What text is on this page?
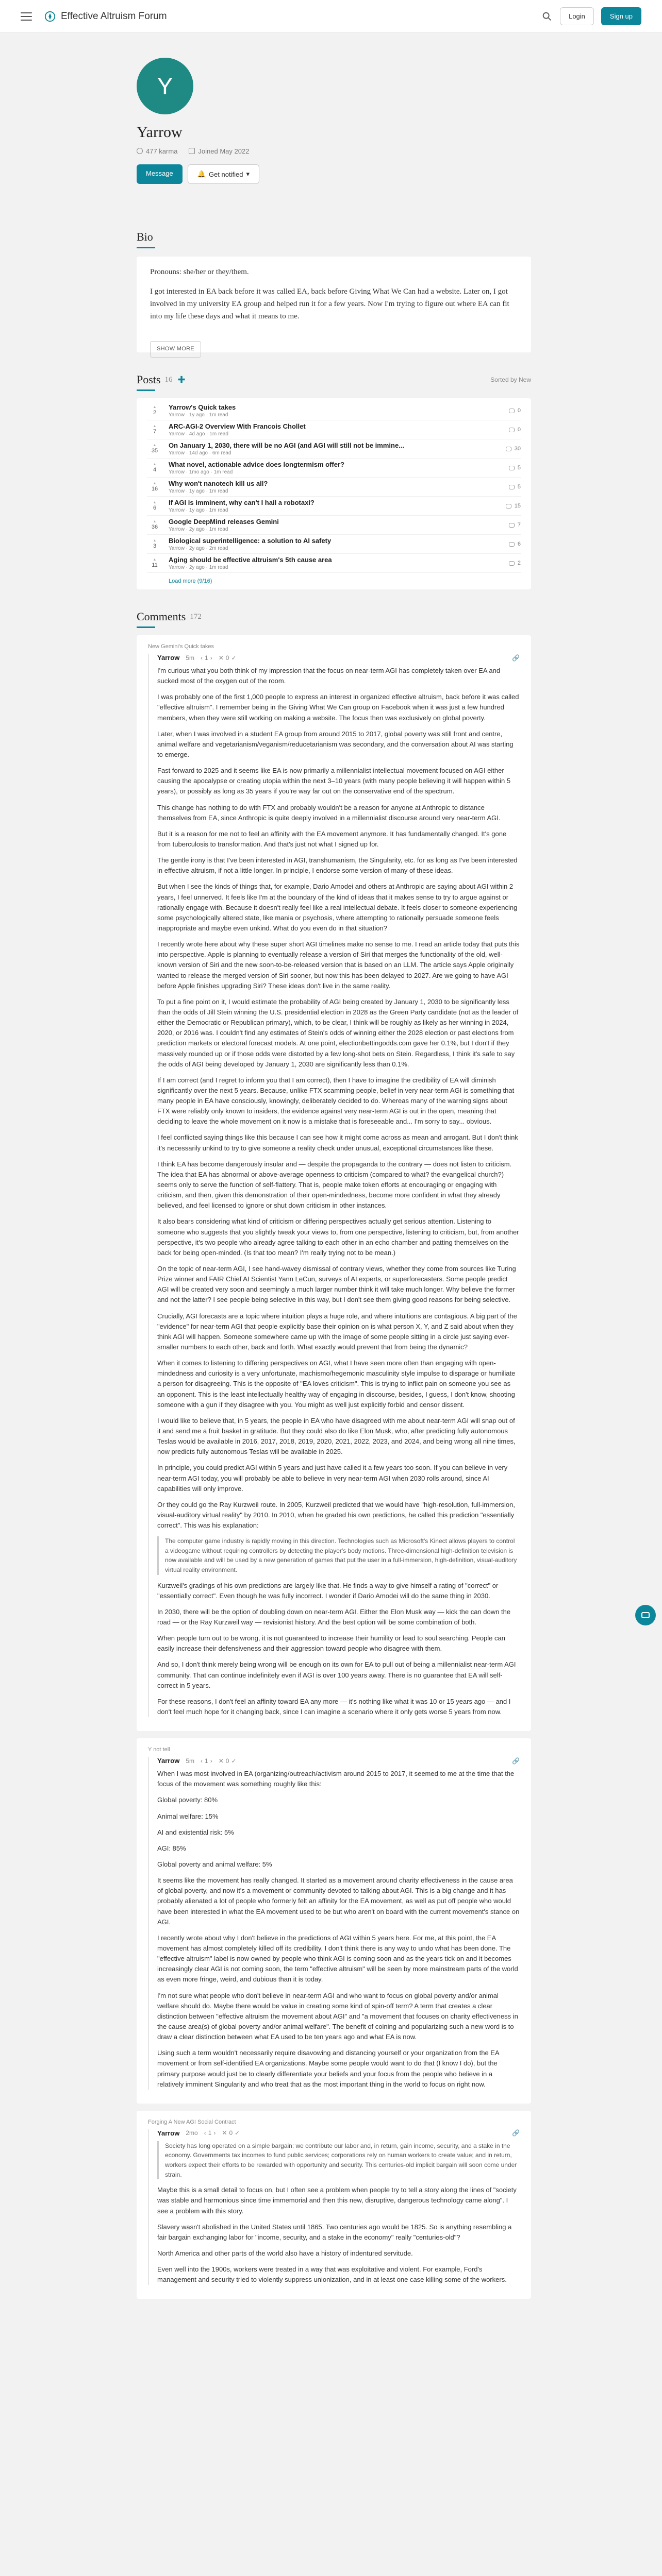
Effective Altruism Forum	Login	Sign up
Y
Yarrow
477 karma	Joined May 2022
Message	🔔 Get notified ▾
Bio

Pronouns: she/her or they/them.

I got interested in EA back before it was called EA, back before Giving What We Can had a website. Later on, I got involved in my university EA group and helped run it for a few years. Now I'm trying to figure out where EA can fit into my life these days and what it means to me.

SHOW MORE
Posts 16 ✚	Sorted by New
▲
2
Yarrow's Quick takes
Yarrow · 1y ago · 1m read
0
▲
7
ARC-AGI-2 Overview With Francois Chollet
Yarrow · 4d ago · 1m read
0
▲
35
On January 1, 2030, there will be no AGI (and AGI will still not be immine...
Yarrow · 14d ago · 6m read
30
▲
4
What novel, actionable advice does longtermism offer?
Yarrow · 1mo ago · 1m read
5
▲
16
Why won't nanotech kill us all?
Yarrow · 1y ago · 1m read
5
▲
6
If AGI is imminent, why can't I hail a robotaxi?
Yarrow · 1y ago · 1m read
15
▲
36
Google DeepMind releases Gemini
Yarrow · 2y ago · 1m read
7
▲
3
Biological superintelligence: a solution to AI safety
Yarrow · 2y ago · 2m read
6
▲
11
Aging should be effective altruism's 5th cause area
Yarrow · 2y ago · 1m read
2
Load more (9/16)
Comments 172
New Gemini's Quick takes
Yarrow 5m ‹ 1 › ✕ 0 ✓	🔗

I'm curious what you both think of my impression that the focus on near-term AGI has completely taken over EA and sucked most of the oxygen out of the room.

I was probably one of the first 1,000 people to express an interest in organized effective altruism, back before it was called "effective altruism". I remember being in the Giving What We Can group on Facebook when it was just a few hundred members, when they were still working on making a website. The focus then was exclusively on global poverty.

Later, when I was involved in a student EA group from around 2015 to 2017, global poverty was still front and centre, animal welfare and vegetarianism/veganism/reducetarianism was secondary, and the conversation about AI was starting to emerge.

Fast forward to 2025 and it seems like EA is now primarily a millennialist intellectual movement focused on AGI either causing the apocalypse or creating utopia within the next 3–10 years (with many people believing it will happen within 5 years), or possibly as long as 35 years if you're way far out on the conservative end of the spectrum.

This change has nothing to do with FTX and probably wouldn't be a reason for anyone at Anthropic to distance themselves from EA, since Anthropic is quite deeply involved in a millennialist discourse around very near-term AGI.

But it is a reason for me not to feel an affinity with the EA movement anymore. It has fundamentally changed. It's gone from tuberculosis to transformation. And that's just not what I signed up for.

The gentle irony is that I've been interested in AGI, transhumanism, the Singularity, etc. for as long as I've been interested in effective altruism, if not a little longer. In principle, I endorse some version of many of these ideas.

But when I see the kinds of things that, for example, Dario Amodei and others at Anthropic are saying about AGI within 2 years, I feel unnerved. It feels like I'm at the boundary of the kind of ideas that it makes sense to try to argue against or rationally engage with. Because it doesn't really feel like a real intellectual debate. It feels closer to someone experiencing some psychologically altered state, like mania or psychosis, where attempting to rationally persuade someone feels inappropriate and maybe even unkind. What do you even do in that situation?

I recently wrote here about why these super short AGI timelines make no sense to me. I read an article today that puts this into perspective. Apple is planning to eventually release a version of Siri that merges the functionality of the old, well-known version of Siri and the new soon-to-be-released version that is based on an LLM. The article says Apple originally wanted to release the merged version of Siri sooner, but now this has been delayed to 2027. Are we going to have AGI before Apple finishes upgrading Siri? These ideas don't live in the same reality.

To put a fine point on it, I would estimate the probability of AGI being created by January 1, 2030 to be significantly less than the odds of Jill Stein winning the U.S. presidential election in 2028 as the Green Party candidate (not as the leader of either the Democratic or Republican primary), which, to be clear, I think will be roughly as likely as her winning in 2024, 2020, or 2016 was. I couldn't find any estimates of Stein's odds of winning either the 2028 election or past elections from prediction markets or electoral forecast models. At one point, electionbettingodds.com gave her 0.1%, but I don't if they massively rounded up or if those odds were distorted by a few long-shot bets on Stein. Regardless, I think it's safe to say the odds of AGI being developed by January 1, 2030 are significantly less than 0.1%.

If I am correct (and I regret to inform you that I am correct), then I have to imagine the credibility of EA will diminish significantly over the next 5 years. Because, unlike FTX scamming people, belief in very near-term AGI is something that many people in EA have consciously, knowingly, deliberately decided to do. Whereas many of the warning signs about FTX were reliably only known to insiders, the evidence against very near-term AGI is out in the open, meaning that deciding to leave the whole movement on it now is a mistake that is foreseeable and... I'm sorry to say... obvious.

I feel conflicted saying things like this because I can see how it might come across as mean and arrogant. But I don't think it's necessarily unkind to try to give someone a reality check under unusual, exceptional circumstances like these.

I think EA has become dangerously insular and — despite the propaganda to the contrary — does not listen to criticism. The idea that EA has abnormal or above-average openness to criticism (compared to what? the evangelical church?) seems only to serve the function of self-flattery. That is, people make token efforts at encouraging or engaging with criticism, and then, given this demonstration of their open-mindedness, become more confident in what they already believed, and feel licensed to ignore or shut down criticism in other instances.

It also bears considering what kind of criticism or differing perspectives actually get serious attention. Listening to someone who suggests that you slightly tweak your views to, from one perspective, listening to criticism, but, from another perspective, it's two people who already agree talking to each other in an echo chamber and patting themselves on the back for being open-minded. (Is that too mean? I'm really trying not to be mean.)

On the topic of near-term AGI, I see hand-wavey dismissal of contrary views, whether they come from sources like Turing Prize winner and FAIR Chief AI Scientist Yann LeCun, surveys of AI experts, or superforecasters. Some people predict AGI will be created very soon and seemingly a much larger number think it will take much longer. Why believe the former and not the latter? I see people being selective in this way, but I don't see them giving good reasons for being selective.

Crucially, AGI forecasts are a topic where intuition plays a huge role, and where intuitions are contagious. A big part of the "evidence" for near-term AGI that people explicitly base their opinion on is what person X, Y, and Z said about when they think AGI will happen. Someone somewhere came up with the image of some people sitting in a circle just saying ever-smaller numbers to each other, back and forth. What exactly would prevent that from being the dynamic?

When it comes to listening to differing perspectives on AGI, what I have seen more often than engaging with open-mindedness and curiosity is a very unfortunate, machismo/hegemonic masculinity style impulse to disparage or humiliate a person for disagreeing. This is the opposite of "EA loves criticism". This is trying to inflict pain on someone you see as an opponent. This is the least intellectually healthy way of engaging in discourse, besides, I guess, I don't know, shooting someone with a gun if they disagree with you. You might as well just explicitly forbid and censor dissent.

I would like to believe that, in 5 years, the people in EA who have disagreed with me about near-term AGI will snap out of it and send me a fruit basket in gratitude. But they could also do like Elon Musk, who, after predicting fully autonomous Teslas would be available in 2016, 2017, 2018, 2019, 2020, 2021, 2022, 2023, and 2024, and being wrong all nine times, now predicts fully autonomous Teslas will be available in 2025.

In principle, you could predict AGI within 5 years and just have called it a few years too soon. If you can believe in very near-term AGI today, you will probably be able to believe in very near-term AGI when 2030 rolls around, since AI capabilities will only improve.

Or they could go the Ray Kurzweil route. In 2005, Kurzweil predicted that we would have "high-resolution, full-immersion, visual-auditory virtual reality" by 2010. In 2010, when he graded his own predictions, he called this prediction "essentially correct". This was his explanation:

The computer game industry is rapidly moving in this direction. Technologies such as Microsoft's Kinect allows players to control a videogame without requiring controllers by detecting the player's body motions. Three-dimensional high-definition television is now available and will be used by a new generation of games that put the user in a full-immersion, high-definition, visual-auditory virtual reality environment.

Kurzweil's gradings of his own predictions are largely like that. He finds a way to give himself a rating of "correct" or "essentially correct". Even though he was fully incorrect. I wonder if Dario Amodei will do the same thing in 2030.

In 2030, there will be the option of doubling down on near-term AGI. Either the Elon Musk way — kick the can down the road — or the Ray Kurzweil way — revisionist history. And the best option will be some combination of both.

When people turn out to be wrong, it is not guaranteed to increase their humility or lead to soul searching. People can easily increase their defensiveness and their aggression toward people who disagree with them.

And so, I don't think merely being wrong will be enough on its own for EA to pull out of being a millennialist near-term AGI community. That can continue indefinitely even if AGI is over 100 years away. There is no guarantee that EA will self-correct in 5 years.

For these reasons, I don't feel an affinity toward EA any more — it's nothing like what it was 10 or 15 years ago — and I don't feel much hope for it changing back, since I can imagine a scenario where it only gets worse 5 years from now.

Y not tell
Yarrow 5m ‹ 1 › ✕ 0 ✓	🔗

When I was most involved in EA (organizing/outreach/activism around 2015 to 2017, it seemed to me at the time that the focus of the movement was something roughly like this:

Global poverty: 80%

Animal welfare: 15%

AI and existential risk: 5%

AGI: 85%

Global poverty and animal welfare: 5%

It seems like the movement has really changed. It started as a movement around charity effectiveness in the cause area of global poverty, and now it's a movement or community devoted to talking about AGI. This is a big change and it has probably alienated a lot of people who formerly felt an affinity for the EA movement, as well as put off people who would have been interested in what the EA movement used to be but who aren't on board with the current movement's stance on AGI.

I recently wrote about why I don't believe in the predictions of AGI within 5 years here. For me, at this point, the EA movement has almost completely killed off its credibility. I don't think there is any way to undo what has been done. The "effective altruism" label is now owned by people who think AGI is coming soon and as the years tick on and it becomes increasingly clear AGI is not coming soon, the term "effective altruism" will be seen by more mainstream parts of the world as even more fringe, weird, and dubious than it is today.

I'm not sure what people who don't believe in near-term AGI and who want to focus on global poverty and/or animal welfare should do. Maybe there would be value in creating some kind of spin-off term? A term that creates a clear distinction between "effective altruism the movement about AGI" and "a movement that focuses on charity effectiveness in the cause area(s) of global poverty and/or animal welfare". The benefit of coining and popularizing such a new word is to draw a clear distinction between what EA used to be ten years ago and what EA is now.

Using such a term wouldn't necessarily require disavowing and distancing yourself or your organization from the EA movement or from self-identified EA organizations. Maybe some people would want to do that (I know I do), but the primary purpose would just be to clearly differentiate your beliefs and your focus from the people who believe in a relatively imminent Singularity and who treat that as the most important thing in the world to focus on right now.

Forging A New AGI Social Contract
Yarrow 2mo ‹ 1 › ✕ 0 ✓	🔗
Society has long operated on a simple bargain: we contribute our labor and, in return, gain income, security, and a stake in the economy. Governments tax incomes to fund public services; corporations rely on human workers to create value; and in return, workers expect their efforts to be rewarded with opportunity and security. This centuries-old implicit bargain will soon come under strain.

Maybe this is a small detail to focus on, but I often see a problem when people try to tell a story along the lines of "society was stable and harmonious since time immemorial and then this new, disruptive, dangerous technology came along". I see a problem with this story.

Slavery wasn't abolished in the United States until 1865. Two centuries ago would be 1825. So is anything resembling a fair bargain exchanging labor for "income, security, and a stake in the economy" really "centuries-old"?

North America and other parts of the world also have a history of indentured servitude.

Even well into the 1900s, workers were treated in a way that was exploitative and violent. For example, Ford's management and security tried to violently suppress unionization, and in at least one case killing some of the workers.
